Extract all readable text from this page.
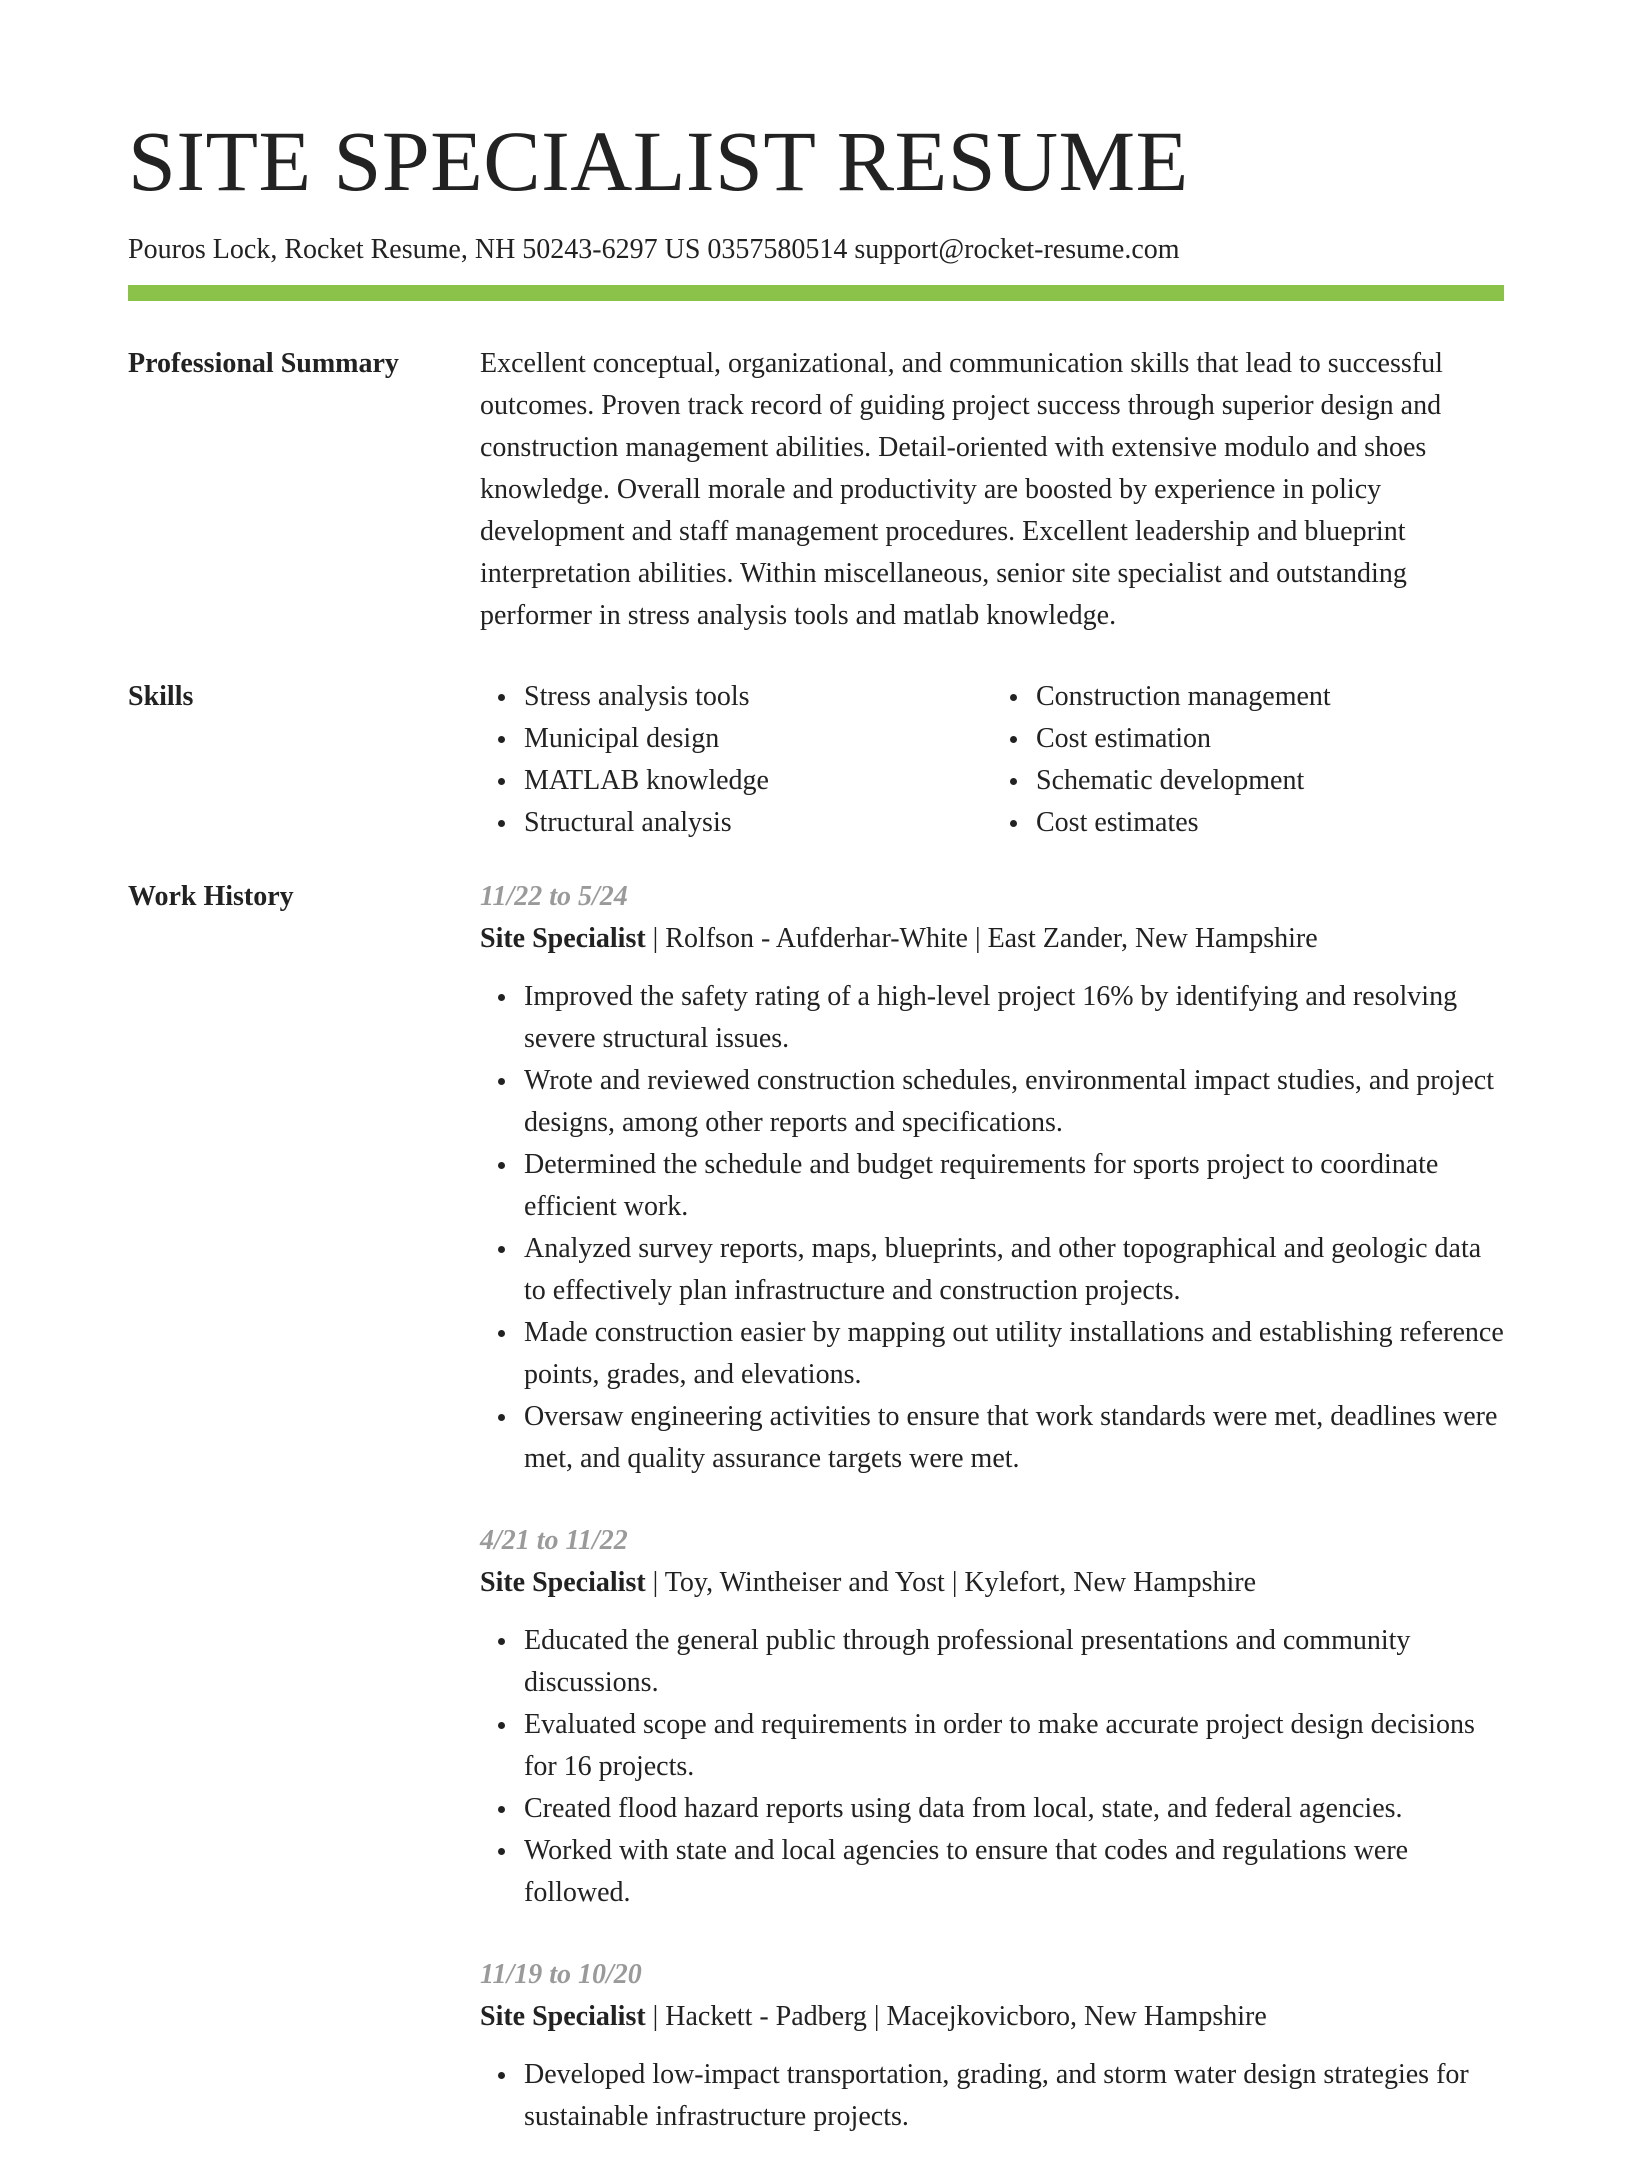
SITE SPECIALIST RESUME
Pouros Lock, Rocket Resume, NH 50243-6297 US 0357580514 support@rocket-resume.com
Professional Summary	Excellent conceptual, organizational, and communication skills that lead to successful outcomes. Proven track record of guiding project success through superior design and construction management abilities. Detail-oriented with extensive modulo and shoes knowledge. Overall morale and productivity are boosted by experience in policy development and staff management procedures. Excellent leadership and blueprint interpretation abilities. Within miscellaneous, senior site specialist and outstanding performer in stress analysis tools and matlab knowledge.

Skills	Stress analysis tools
Municipal design
MATLAB knowledge
Structural analysis
Construction management
Cost estimation
Schematic development
Cost estimates
Work History	11/22 to 5/24
Site Specialist | Rolfson - Aufderhar-White | East Zander, New Hampshire
Improved the safety rating of a high-level project 16% by identifying and resolving severe structural issues.
Wrote and reviewed construction schedules, environmental impact studies, and project designs, among other reports and specifications.
Determined the schedule and budget requirements for sports project to coordinate efficient work.
Analyzed survey reports, maps, blueprints, and other topographical and geologic data to effectively plan infrastructure and construction projects.
Made construction easier by mapping out utility installations and establishing reference points, grades, and elevations.
Oversaw engineering activities to ensure that work standards were met, deadlines were met, and quality assurance targets were met.
4/21 to 11/22
Site Specialist | Toy, Wintheiser and Yost | Kylefort, New Hampshire
Educated the general public through professional presentations and community discussions.
Evaluated scope and requirements in order to make accurate project design decisions for 16 projects.
Created flood hazard reports using data from local, state, and federal agencies.
Worked with state and local agencies to ensure that codes and regulations were followed.
11/19 to 10/20
Site Specialist | Hackett - Padberg | Macejkovicboro, New Hampshire
Developed low-impact transportation, grading, and storm water design strategies for sustainable infrastructure projects.
